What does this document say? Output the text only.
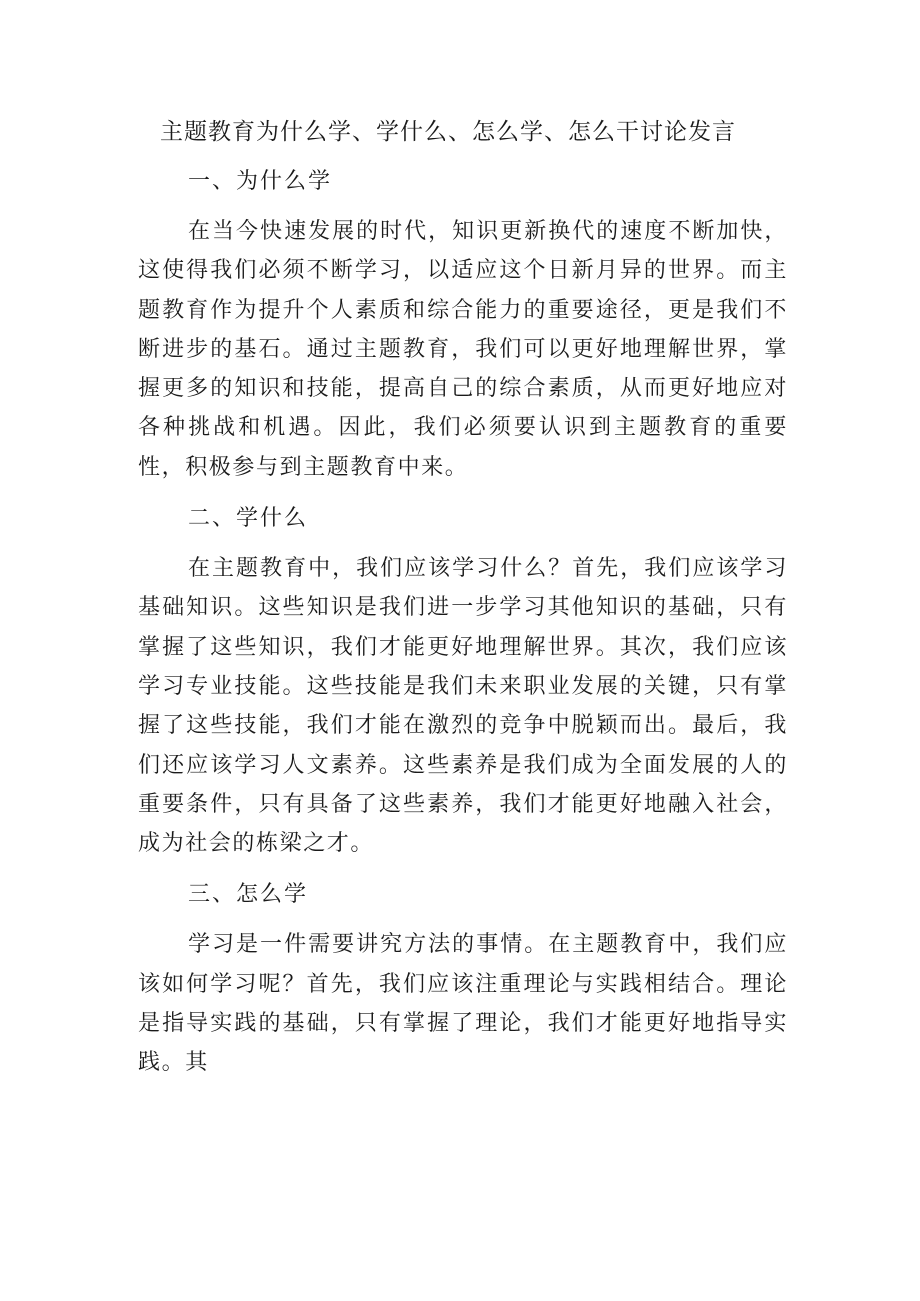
主题教育为什么学、学什么、怎么学、怎么干讨论发言
一、为什么学

在当今快速发展的时代，知识更新换代的速度不断加快，这使得我们必须不断学习，以适应这个日新月异的世界。而主题教育作为提升个人素质和综合能力的重要途径，更是我们不断进步的基石。通过主题教育，我们可以更好地理解世界，掌握更多的知识和技能，提高自己的综合素质，从而更好地应对各种挑战和机遇。因此，我们必须要认识到主题教育的重要性，积极参与到主题教育中来。

二、学什么

在主题教育中，我们应该学习什么？首先，我们应该学习基础知识。这些知识是我们进一步学习其他知识的基础，只有掌握了这些知识，我们才能更好地理解世界。其次，我们应该学习专业技能。这些技能是我们未来职业发展的关键，只有掌握了这些技能，我们才能在激烈的竞争中脱颖而出。最后，我们还应该学习人文素养。这些素养是我们成为全面发展的人的重要条件，只有具备了这些素养，我们才能更好地融入社会，成为社会的栋梁之才。

三、怎么学

学习是一件需要讲究方法的事情。在主题教育中，我们应该如何学习呢？首先，我们应该注重理论与实践相结合。理论是指导实践的基础，只有掌握了理论，我们才能更好地指导实践。其
